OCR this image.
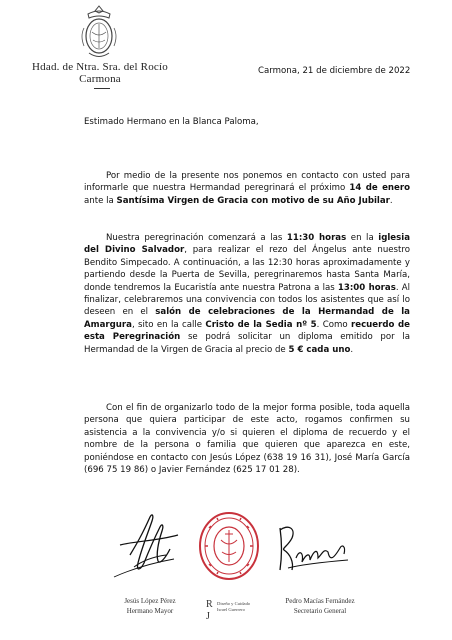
Hdad. de Ntra. Sra. del Rocío
Carmona
Carmona, 21 de diciembre de 2022
Estimado Hermano en la Blanca Paloma,

Por medio de la presente nos ponemos en contacto con usted para informarle que nuestra Hermandad peregrinará el próximo 14 de enero ante la Santísima Virgen de Gracia con motivo de su Año Jubilar.

Nuestra peregrinación comenzará a las 11:30 horas en la iglesia del Divino Salvador, para realizar el rezo del Ángelus ante nuestro Bendito Simpecado. A continuación, a las 12:30 horas aproximadamente y partiendo desde la Puerta de Sevilla, peregrinaremos hasta Santa María, donde tendremos la Eucaristía ante nuestra Patrona a las 13:00 horas. Al finalizar, celebraremos una convivencia con todos los asistentes que así lo deseen en el salón de celebraciones de la Hermandad de la Amargura, sito en la calle Cristo de la Sedia nº 5. Como recuerdo de esta Peregrinación se podrá solicitar un diploma emitido por la Hermandad de la Virgen de Gracia al precio de 5 € cada uno.

Con el fin de organizarlo todo de la mejor forma posible, toda aquella persona que quiera participar de este acto, rogamos confirmen su asistencia a la convivencia y/o si quieren el diploma de recuerdo y el nombre de la persona o familia que quieren que aparezca en este, poniéndose en contacto con Jesús López (638 19 16 31), José María García (696 75 19 86) o Javier Fernández (625 17 01 28).

Jesús López Pérez
Hermano Mayor
R
J
Diseño y Cuidado
Israel Guerrero
Pedro Macías Fernández
Secretario General
